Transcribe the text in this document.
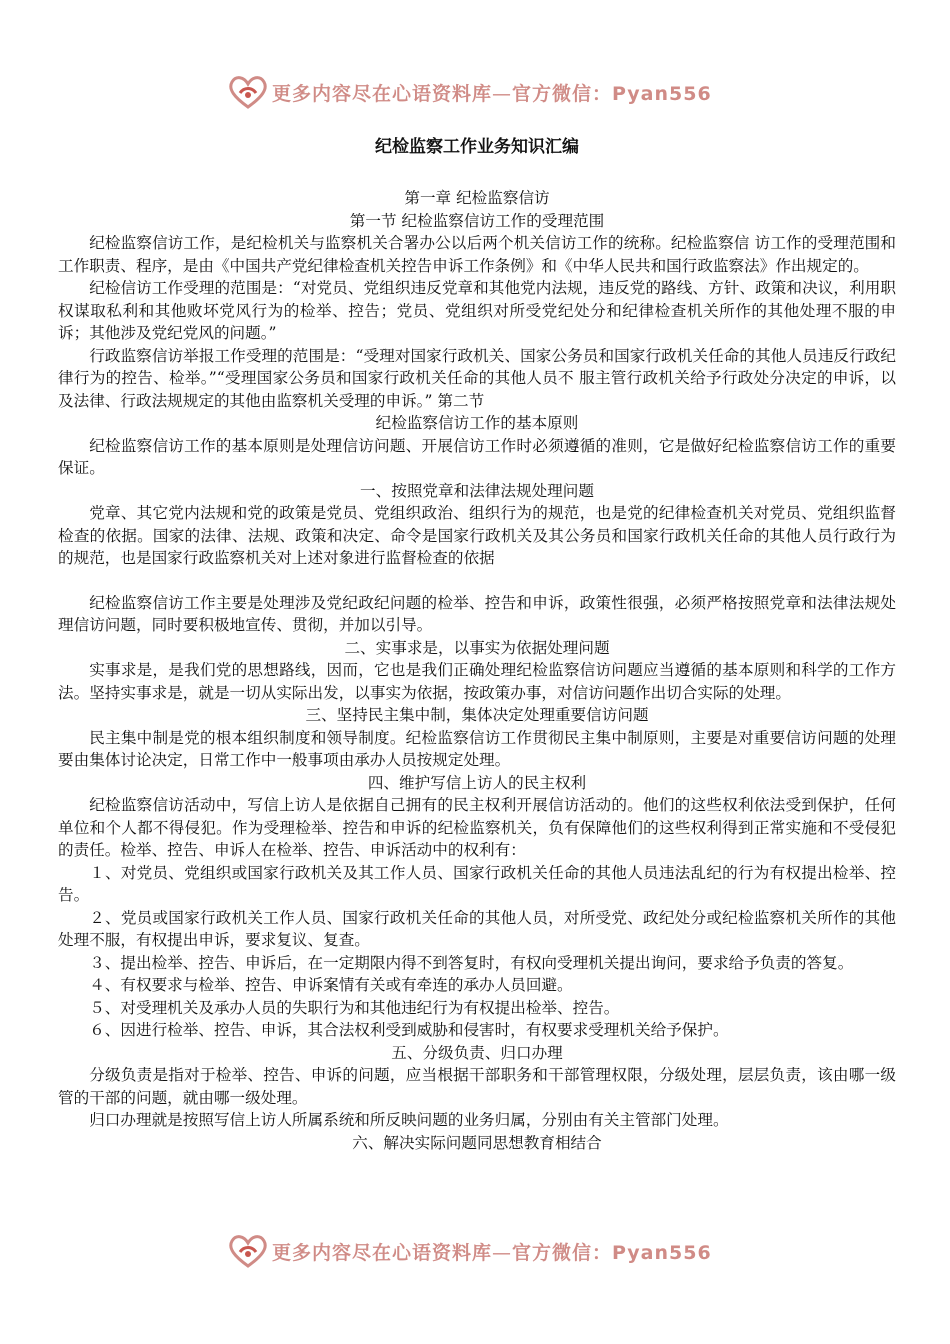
更多内容尽在心语资料库—官方微信：Pyan556
纪检监察工作业务知识汇编

第一章 纪检监察信访

第一节 纪检监察信访工作的受理范围

纪检监察信访工作，是纪检机关与监察机关合署办公以后两个机关信访工作的统称。纪检监察信 访工作的受理范围和工作职责、程序，是由《中国共产党纪律检查机关控告申诉工作条例》和《中华人民共和国行政监察法》作出规定的。

纪检信访工作受理的范围是：“对党员、党组织违反党章和其他党内法规，违反党的路线、方针、政策和决议，利用职权谋取私利和其他败坏党风行为的检举、控告；党员、党组织对所受党纪处分和纪律检查机关所作的其他处理不服的申诉；其他涉及党纪党风的问题。”

行政监察信访举报工作受理的范围是：“受理对国家行政机关、国家公务员和国家行政机关任命的其他人员违反行政纪律行为的控告、检举。”“受理国家公务员和国家行政机关任命的其他人员不 服主管行政机关给予行政处分决定的申诉，以及法律、行政法规规定的其他由监察机关受理的申诉。” 第二节

纪检监察信访工作的基本原则

纪检监察信访工作的基本原则是处理信访问题、开展信访工作时必须遵循的准则，它是做好纪检监察信访工作的重要保证。

一、按照党章和法律法规处理问题

党章、其它党内法规和党的政策是党员、党组织政治、组织行为的规范，也是党的纪律检查机关对党员、党组织监督检查的依据。国家的法律、法规、政策和决定、命令是国家行政机关及其公务员和国家行政机关任命的其他人员行政行为的规范，也是国家行政监察机关对上述对象进行监督检查的依据

纪检监察信访工作主要是处理涉及党纪政纪问题的检举、控告和申诉，政策性很强，必须严格按照党章和法律法规处理信访问题，同时要积极地宣传、贯彻，并加以引导。

二、实事求是，以事实为依据处理问题

实事求是，是我们党的思想路线，因而，它也是我们正确处理纪检监察信访问题应当遵循的基本原则和科学的工作方法。坚持实事求是，就是一切从实际出发，以事实为依据，按政策办事，对信访问题作出切合实际的处理。

三、坚持民主集中制，集体决定处理重要信访问题

民主集中制是党的根本组织制度和领导制度。纪检监察信访工作贯彻民主集中制原则，主要是对重要信访问题的处理要由集体讨论决定，日常工作中一般事项由承办人员按规定处理。

四、维护写信上访人的民主权利

纪检监察信访活动中，写信上访人是依据自己拥有的民主权利开展信访活动的。他们的这些权利依法受到保护，任何单位和个人都不得侵犯。作为受理检举、控告和申诉的纪检监察机关，负有保障他们的这些权利得到正常实施和不受侵犯的责任。检举、控告、申诉人在检举、控告、申诉活动中的权利有：

１、对党员、党组织或国家行政机关及其工作人员、国家行政机关任命的其他人员违法乱纪的行为有权提出检举、控告。

２、党员或国家行政机关工作人员、国家行政机关任命的其他人员，对所受党、政纪处分或纪检监察机关所作的其他处理不服，有权提出申诉，要求复议、复查。

３、提出检举、控告、申诉后，在一定期限内得不到答复时，有权向受理机关提出询问，要求给予负责的答复。

４、有权要求与检举、控告、申诉案情有关或有牵连的承办人员回避。

５、对受理机关及承办人员的失职行为和其他违纪行为有权提出检举、控告。

６、因进行检举、控告、申诉，其合法权利受到威胁和侵害时，有权要求受理机关给予保护。

五、分级负责、归口办理

分级负责是指对于检举、控告、申诉的问题，应当根据干部职务和干部管理权限，分级处理，层层负责，该由哪一级管的干部的问题，就由哪一级处理。

归口办理就是按照写信上访人所属系统和所反映问题的业务归属，分别由有关主管部门处理。

六、解决实际问题同思想教育相结合

更多内容尽在心语资料库—官方微信：Pyan556
